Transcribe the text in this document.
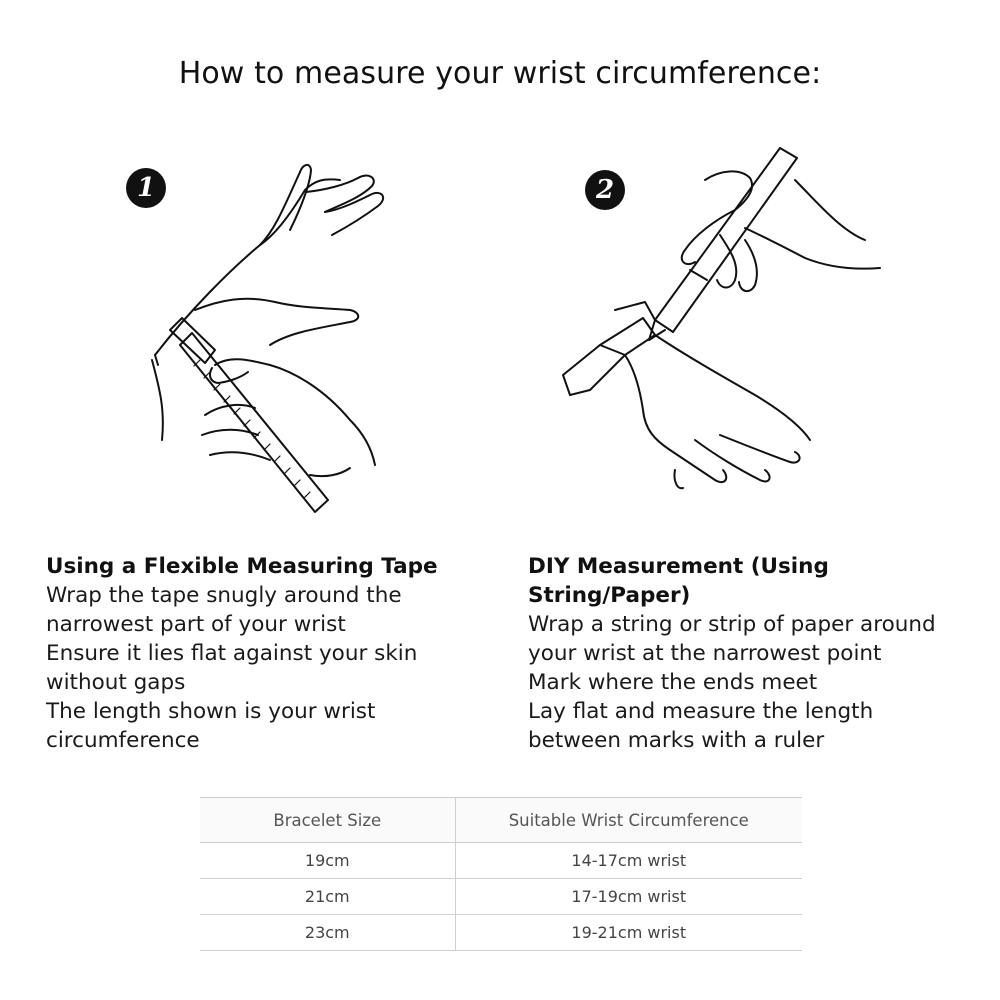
How to measure your wrist circumference:
1	2
Using a Flexible Measuring Tape
Wrap the tape snugly around the
narrowest part of your wrist
Ensure it lies flat against your skin
without gaps
The length shown is your wrist
circumference
DIY Measurement (Using String/Paper)
Wrap a string or strip of paper around
your wrist at the narrowest point
Mark where the ends meet
Lay flat and measure the length
between marks with a ruler
Bracelet Size	Suitable Wrist Circumference
19cm	14-17cm wrist
21cm	17-19cm wrist
23cm	19-21cm wrist
